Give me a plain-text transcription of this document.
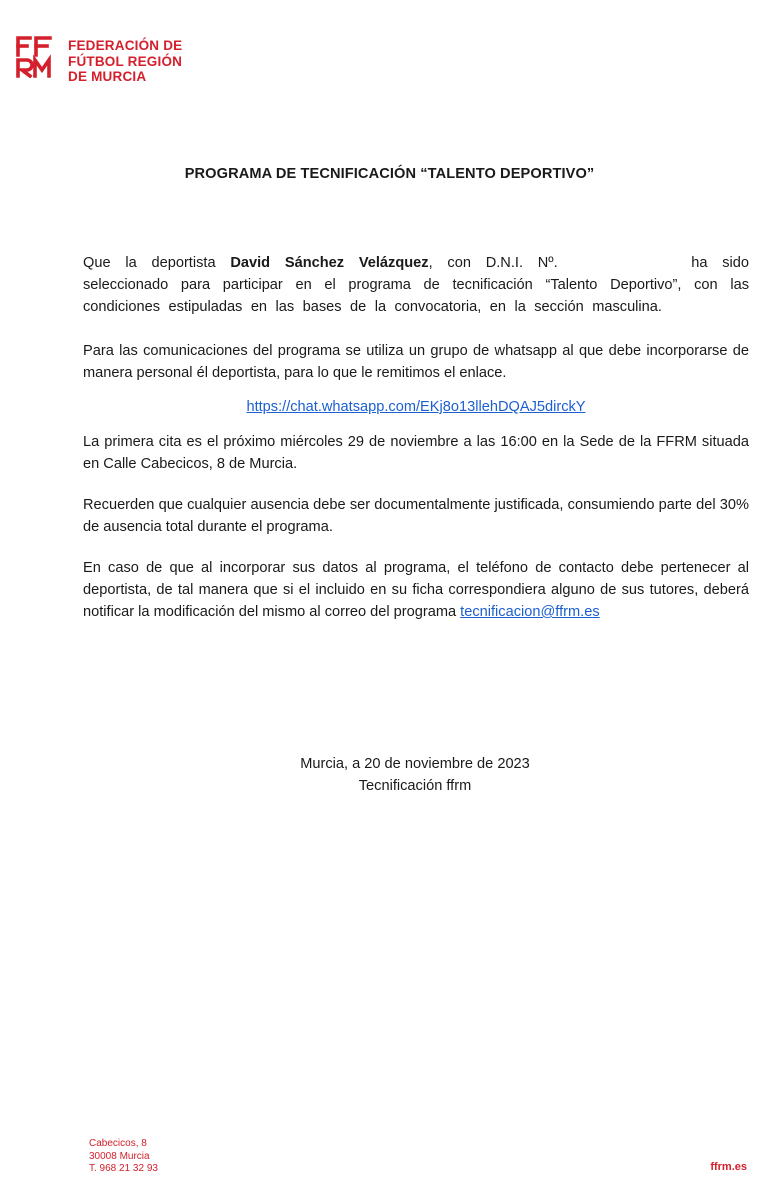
FEDERACIÓN DE
FÚTBOL REGIÓN
DE MURCIA
PROGRAMA DE TECNIFICACIÓN “TALENTO DEPORTIVO”

Que la deportista David Sánchez Velázquez, con D.N.I. Nº.	ha sido seleccionado para participar en el programa de tecnificación “Talento Deportivo”, con las condiciones estipuladas en las bases de la convocatoria, en la sección masculina.

Para las comunicaciones del programa se utiliza un grupo de whatsapp al que debe incorporarse de manera personal él deportista, para lo que le remitimos el enlace.

https://chat.whatsapp.com/EKj8o13llehDQAJ5dirckY

La primera cita es el próximo miércoles 29 de noviembre a las 16:00 en la Sede de la FFRM situada en Calle Cabecicos, 8 de Murcia.

Recuerden que cualquier ausencia debe ser documentalmente justificada, consumiendo parte del 30% de ausencia total durante el programa.

En caso de que al incorporar sus datos al programa, el teléfono de contacto debe pertenecer al deportista, de tal manera que si el incluido en su ficha correspondiera alguno de sus tutores, deberá notificar la modificación del mismo al correo del programa tecnificacion@ffrm.es

Murcia, a 20 de noviembre de 2023
Tecnificación ffrm
Cabecicos, 8
30008 Murcia
T. 968 21 32 93	ffrm.es
